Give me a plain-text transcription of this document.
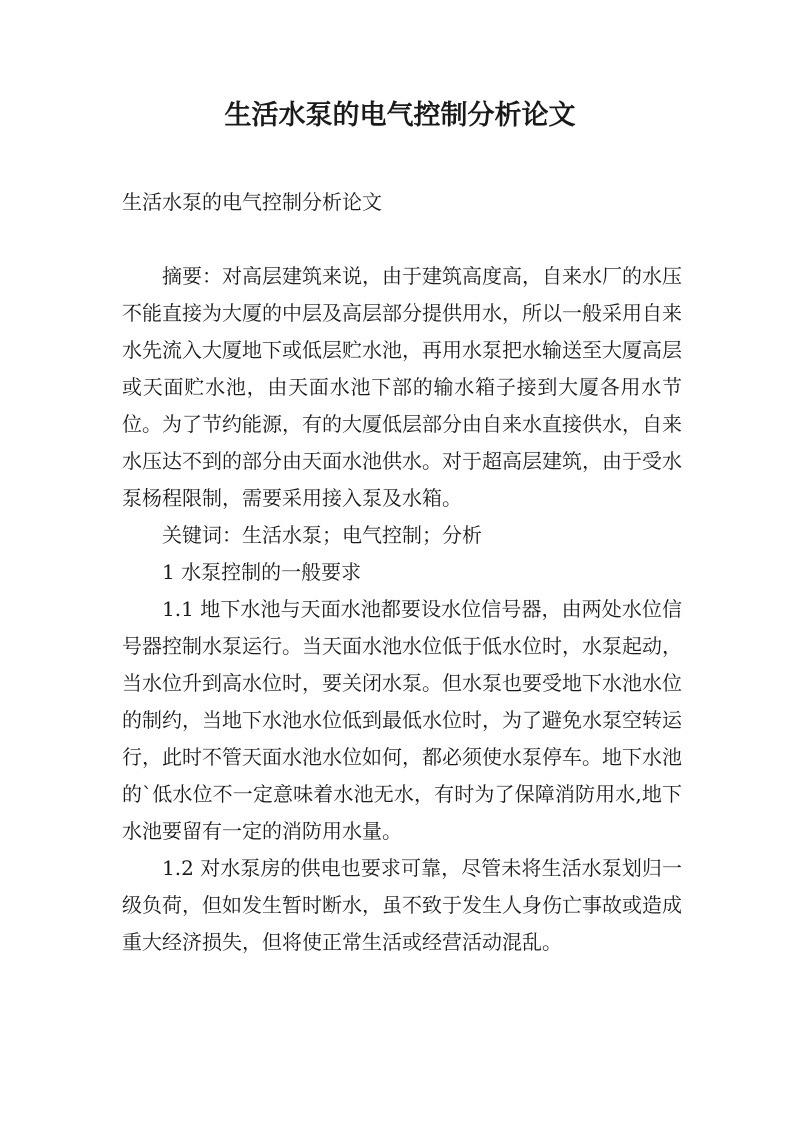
生活水泵的电气控制分析论文

生活水泵的电气控制分析论文

摘要：对高层建筑来说，由于建筑高度高，自来水厂的水压不能直接为大厦的中层及高层部分提供用水，所以一般采用自来水先流入大厦地下或低层贮水池，再用水泵把水输送至大厦高层或天面贮水池，由天面水池下部的输水箱子接到大厦各用水节位。为了节约能源，有的大厦低层部分由自来水直接供水，自来水压达不到的部分由天面水池供水。对于超高层建筑，由于受水泵杨程限制，需要采用接入泵及水箱。

关键词：生活水泵；电气控制；分析

1 水泵控制的一般要求

1.1 地下水池与天面水池都要设水位信号器，由两处水位信号器控制水泵运行。当天面水池水位低于低水位时，水泵起动，当水位升到高水位时，要关闭水泵。但水泵也要受地下水池水位的制约，当地下水池水位低到最低水位时，为了避免水泵空转运行，此时不管天面水池水位如何，都必须使水泵停车。地下水池的`低水位不一定意味着水池无水，有时为了保障消防用水,地下水池要留有一定的消防用水量。

1.2 对水泵房的供电也要求可靠，尽管未将生活水泵划归一级负荷，但如发生暂时断水，虽不致于发生人身伤亡事故或造成重大经济损失，但将使正常生活或经营活动混乱。
